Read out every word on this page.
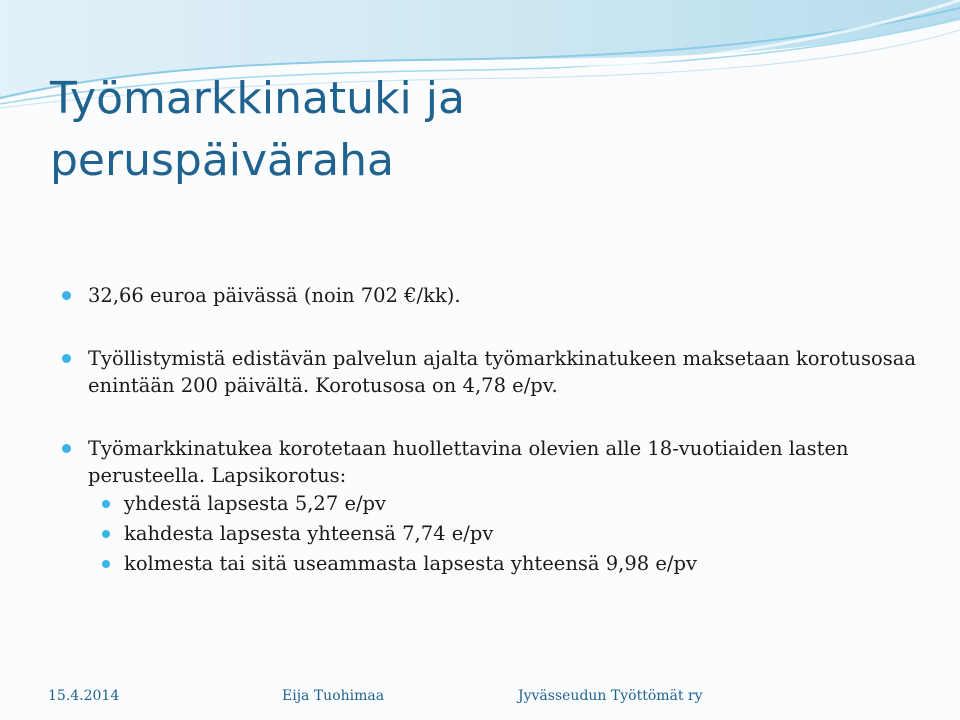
Työmarkkinatuki ja
peruspäiväraha
32,66 euroa päivässä (noin 702 €/kk).
Työllistymistä edistävän palvelun ajalta työmarkkinatukeen maksetaan korotusosaa enintään 200 päivältä. Korotusosa on 4,78 e/pv.
Työmarkkinatukea korotetaan huollettavina olevien alle 18-vuotiaiden lasten perusteella. Lapsikorotus:
yhdestä lapsesta 5,27 e/pv
kahdesta lapsesta yhteensä 7,74 e/pv
kolmesta tai sitä useammasta lapsesta yhteensä 9,98 e/pv
15.4.2014	Eija Tuohimaa	Jyvässeudun Työttömät ry
